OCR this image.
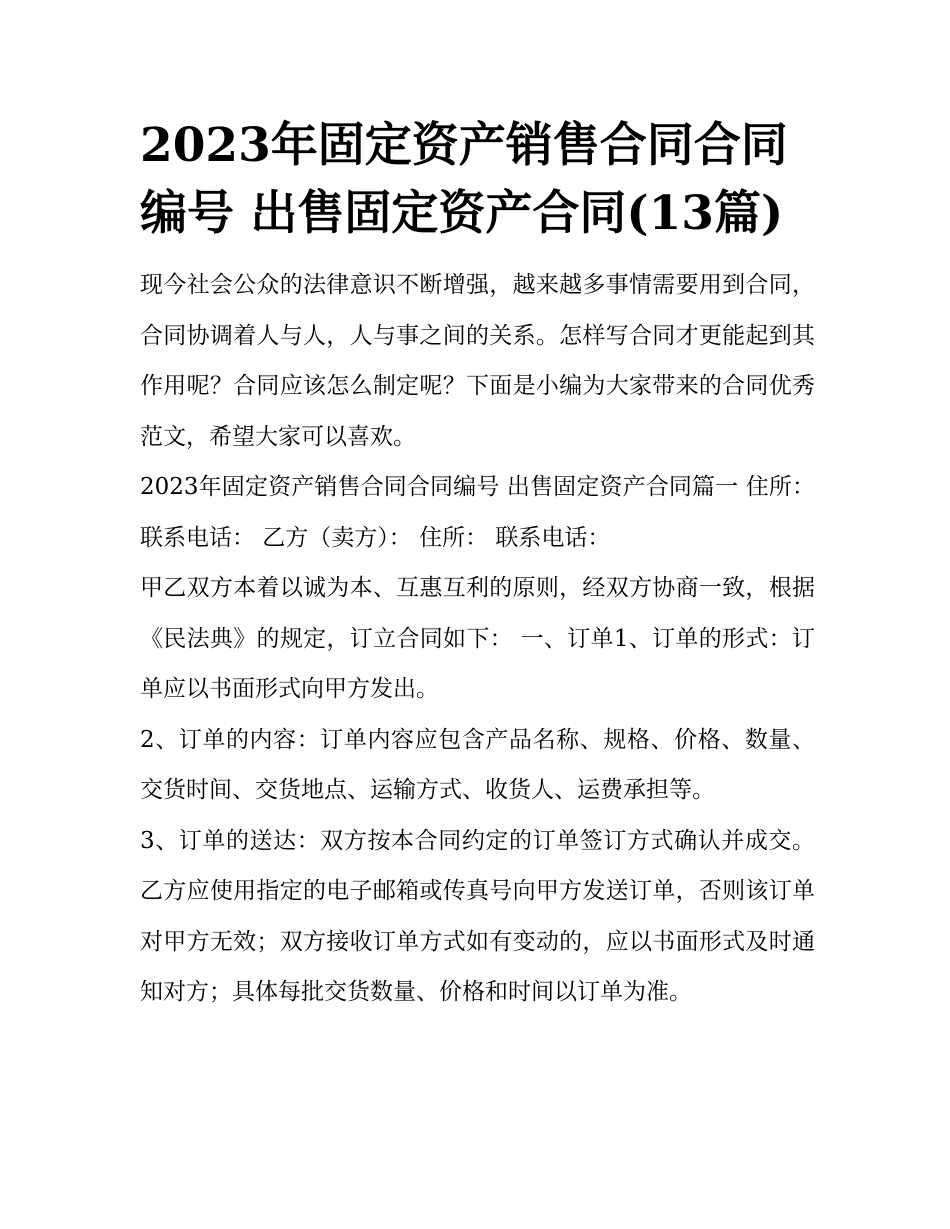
2023年固定资产销售合同合同编号 出售固定资产合同(13篇)

现今社会公众的法律意识不断增强，越来越多事情需要用到合同，合同协调着人与人，人与事之间的关系。怎样写合同才更能起到其作用呢？合同应该怎么制定呢？下面是小编为大家带来的合同优秀范文，希望大家可以喜欢。

2023年固定资产销售合同合同编号 出售固定资产合同篇一 住所： 联系电话： 乙方（卖方）： 住所： 联系电话：

甲乙双方本着以诚为本、互惠互利的原则，经双方协商一致，根据《民法典》的规定，订立合同如下： 一、订单1、订单的形式：订单应以书面形式向甲方发出。

2、订单的内容：订单内容应包含产品名称、规格、价格、数量、交货时间、交货地点、运输方式、收货人、运费承担等。

3、订单的送达：双方按本合同约定的订单签订方式确认并成交。乙方应使用指定的电子邮箱或传真号向甲方发送订单，否则该订单对甲方无效；双方接收订单方式如有变动的，应以书面形式及时通知对方；具体每批交货数量、价格和时间以订单为准。
